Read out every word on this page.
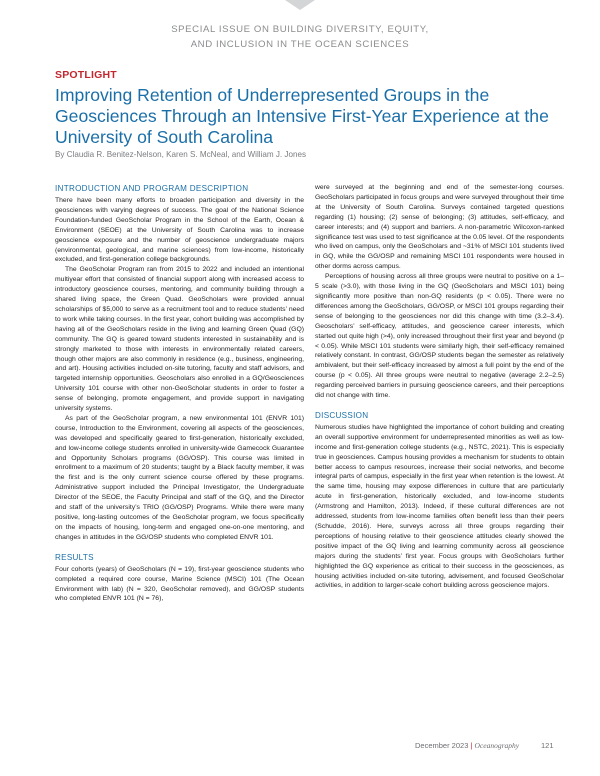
SPECIAL ISSUE ON BUILDING DIVERSITY, EQUITY,
AND INCLUSION IN THE OCEAN SCIENCES
SPOTLIGHT
Improving Retention of Underrepresented Groups in the Geosciences Through an Intensive First-Year Experience at the University of South Carolina
By Claudia R. Benitez-Nelson, Karen S. McNeal, and William J. Jones
INTRODUCTION AND PROGRAM DESCRIPTION

There have been many efforts to broaden participation and diversity in the geosciences with varying degrees of success. The goal of the National Science Foundation-funded GeoScholar Program in the School of the Earth, Ocean & Environment (SEOE) at the University of South Carolina was to increase geoscience exposure and the number of geoscience undergraduate majors (environmental, geological, and marine sciences) from low-income, historically excluded, and first-generation college backgrounds.

The GeoScholar Program ran from 2015 to 2022 and included an intentional multiyear effort that consisted of financial support along with increased access to introductory geoscience courses, mentoring, and community building through a shared living space, the Green Quad. GeoScholars were provided annual scholarships of $5,000 to serve as a recruitment tool and to reduce students’ need to work while taking courses. In the first year, cohort building was accomplished by having all of the GeoScholars reside in the living and learning Green Quad (GQ) community. The GQ is geared toward students interested in sustainability and is strongly marketed to those with interests in environmentally related careers, though other majors are also commonly in residence (e.g., business, engineering, and art). Housing activities included on-site tutoring, faculty and staff advisors, and targeted internship opportunities. Geoscholars also enrolled in a GQ/Geosciences University 101 course with other non-GeoScholar students in order to foster a sense of belonging, promote engagement, and provide support in navigating university systems.

As part of the GeoScholar program, a new environmental 101 (ENVR 101) course, Introduction to the Environment, covering all aspects of the geosciences, was developed and specifically geared to first-generation, historically excluded, and low-income college students enrolled in university-wide Gamecock Guarantee and Opportunity Scholars programs (GG/OSP). This course was limited in enrollment to a maximum of 20 students; taught by a Black faculty member, it was the first and is the only current science course offered by these programs. Administrative support included the Principal Investigator, the Undergraduate Director of the SEOE, the Faculty Principal and staff of the GQ, and the Director and staff of the university’s TRIO (GG/OSP) Programs. While there were many positive, long-lasting outcomes of the GeoScholar program, we focus specifically on the impacts of housing, long-term and engaged one-on-one mentoring, and changes in attitudes in the GG/OSP students who completed ENVR 101.

RESULTS

Four cohorts (years) of GeoScholars (N = 19), first-year geoscience students who completed a required core course, Marine Science (MSCI) 101 (The Ocean Environment with lab) (N = 320, GeoScholar removed), and GG/OSP students who completed ENVR 101 (N = 76),

were surveyed at the beginning and end of the semester-long courses. GeoScholars participated in focus groups and were surveyed throughout their time at the University of South Carolina. Surveys contained targeted questions regarding (1) housing; (2) sense of belonging; (3) attitudes, self-efficacy, and career interests; and (4) support and barriers. A non-parametric Wilcoxon-ranked significance test was used to test significance at the 0.05 level. Of the respondents who lived on campus, only the GeoScholars and ~31% of MSCI 101 students lived in GQ, while the GG/OSP and remaining MSCI 101 respondents were housed in other dorms across campus.

Perceptions of housing across all three groups were neutral to positive on a 1–5 scale (>3.0), with those living in the GQ (GeoScholars and MSCI 101) being significantly more positive than non-GQ residents (p < 0.05). There were no differences among the GeoScholars, GG/OSP, or MSCI 101 groups regarding their sense of belonging to the geosciences nor did this change with time (3.2–3.4). Geoscholars’ self-efficacy, attitudes, and geoscience career interests, which started out quite high (>4), only increased throughout their first year and beyond (p < 0.05). While MSCI 101 students were similarly high, their self-efficacy remained relatively constant. In contrast, GG/OSP students began the semester as relatively ambivalent, but their self-efficacy increased by almost a full point by the end of the course (p < 0.05). All three groups were neutral to negative (average 2.2–2.5) regarding perceived barriers in pursuing geoscience careers, and their perceptions did not change with time.

DISCUSSION

Numerous studies have highlighted the importance of cohort building and creating an overall supportive environment for underrepresented minorities as well as low-income and first-generation college students (e.g., NSTC, 2021). This is especially true in geosciences. Campus housing provides a mechanism for students to obtain better access to campus resources, increase their social networks, and become integral parts of campus, especially in the first year when retention is the lowest. At the same time, housing may expose differences in culture that are particularly acute in first-generation, historically excluded, and low-income students (Armstrong and Hamilton, 2013). Indeed, if these cultural differences are not addressed, students from low-income families often benefit less than their peers (Schudde, 2016). Here, surveys across all three groups regarding their perceptions of housing relative to their geoscience attitudes clearly showed the positive impact of the GQ living and learning community across all geoscience majors during the students’ first year. Focus groups with GeoScholars further highlighted the GQ experience as critical to their success in the geosciences, as housing activities included on-site tutoring, advisement, and focused GeoScholar activities, in addition to larger-scale cohort building across geoscience majors.

December 2023 | Oceanography	121
